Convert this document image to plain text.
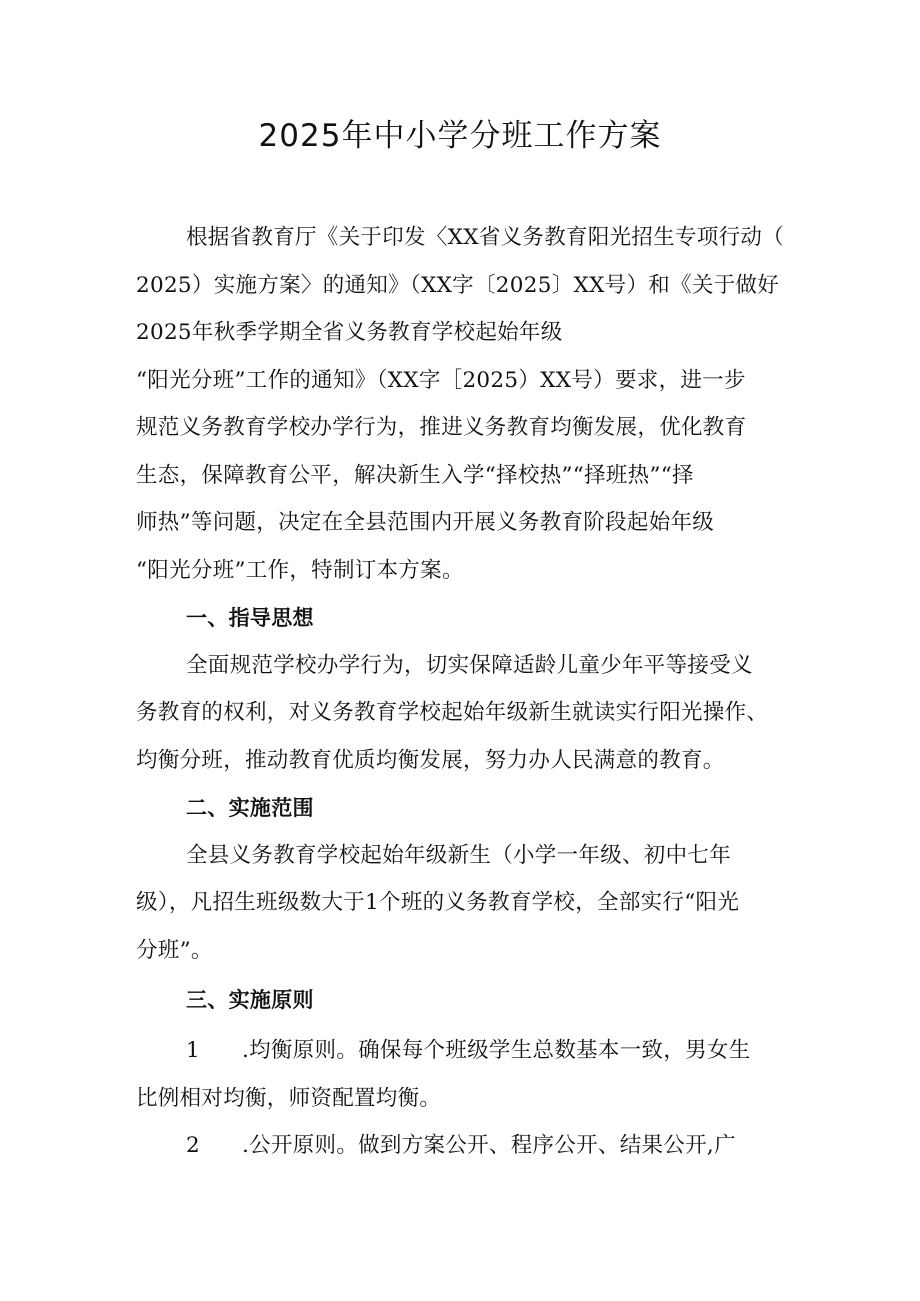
2025年中小学分班工作方案
根据省教育厅《关于印发〈XX省义务教育阳光招生专项行动（
2025）实施方案〉的通知》（XX字〔2025〕XX号）和《关于做好
2025年秋季学期全省义务教育学校起始年级
“阳光分班”工作的通知》（XX字［2025）XX号）要求，进一步
规范义务教育学校办学行为，推进义务教育均衡发展，优化教育
生态，保障教育公平，解决新生入学“择校热”“择班热”“择
师热”等问题，决定在全县范围内开展义务教育阶段起始年级
“阳光分班”工作，特制订本方案。
一、指导思想
全面规范学校办学行为，切实保障适龄儿童少年平等接受义
务教育的权利，对义务教育学校起始年级新生就读实行阳光操作、
均衡分班，推动教育优质均衡发展，努力办人民满意的教育。
二、实施范围
全县义务教育学校起始年级新生（小学一年级、初中七年
级），凡招生班级数大于1个班的义务教育学校，全部实行“阳光
分班”。
三、实施原则
1 .均衡原则。确保每个班级学生总数基本一致，男女生
比例相对均衡，师资配置均衡。
2 .公开原则。做到方案公开、程序公开、结果公开,广
